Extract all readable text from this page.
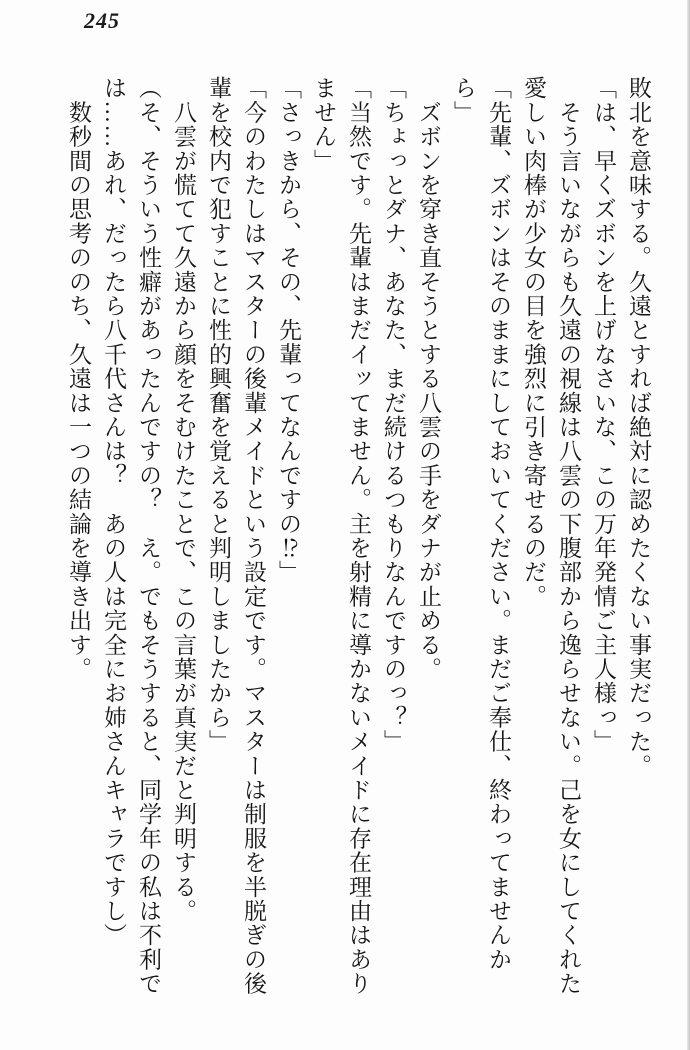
245

敗北を意味する。久遠とすれば絶対に認めたくない事実だった。

「は、早くズボンを上げなさいな、この万年発情ご主人様っ」

　そう言いながらも久遠の視線は八雲の下腹部から逸らせない。己を女にしてくれた

愛しい肉棒が少女の目を強烈に引き寄せるのだ。

「先輩、ズボンはそのままにしておいてください。まだご奉仕、終わってませんか

ら」

　ズボンを穿き直そうとする八雲の手をダナが止める。

「ちょっとダナ、あなた、まだ続けるつもりなんですのっ？」

「当然です。先輩はまだイッてません。主を射精に導かないメイドに存在理由はあり

ません」

「さっきから、その、先輩ってなんですの⁉」

「今のわたしはマスターの後輩メイドという設定です。マスターは制服を半脱ぎの後

輩を校内で犯すことに性的興奮を覚えると判明しましたから」

　八雲が慌てて久遠から顔をそむけたことで、この言葉が真実だと判明する。

（そ、そういう性癖があったんですの？　え。でもそうすると、同学年の私は不利で

は……あれ、だったら八千代さんは？　あの人は完全にお姉さんキャラですし）

　数秒間の思考ののち、久遠は一つの結論を導き出す。
